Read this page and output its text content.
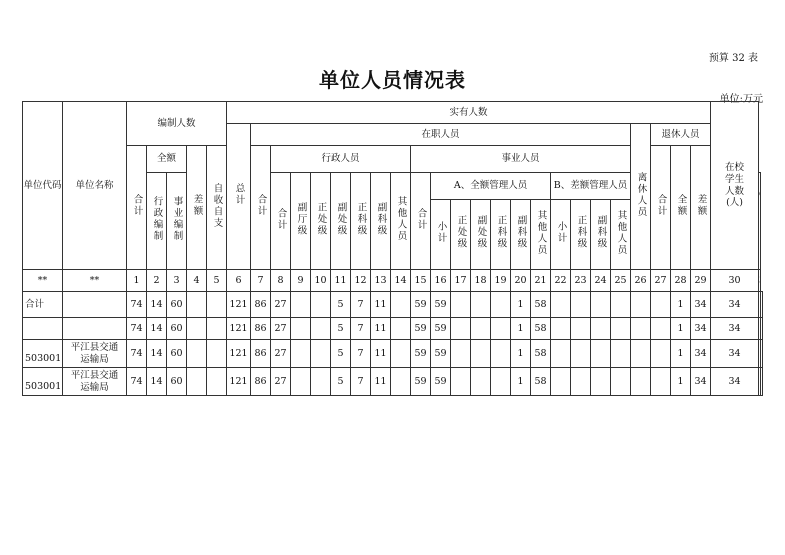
预算 32 表
单位人员情况表
单位:万元
单位代码	单位名称	编制人数					实有人数																								在校学生人数(人)		
							总计	在职人员																			离休人员	退休人员					
		合计	全额		差额	自收自支		合计	行政人员							事业人员												合计	全额	差额			
			行政编制	事业编制					合计	副厅级	正处级	副处级	正科级	副科级	其他人员	合计	A、全额管理人员						B、差额管理人员	
																	小计	正处级	副处级	正科级	副科级	其他人员	小计	正科级	副科级	其他人员							
**	**	1	2	3	4	5	6	7	8	9	10	11	12	13	14	15	16	17	18	19	20	21	22	23	24	25	26	27	28	29	30	
合计		74	14	60			121	86	27			5	7	11		59	59				1	58							1	34	34		
		74	14	60			121	86	27			5	7	11		59	59				1	58							1	34	34		
503001	平江县交通运输局	74	14	60			121	86	27			5	7	11		59	59				1	58							1	34	34		
503001	平江县交通运输局	74	14	60			121	86	27			5	7	11		59	59				1	58							1	34	34		
